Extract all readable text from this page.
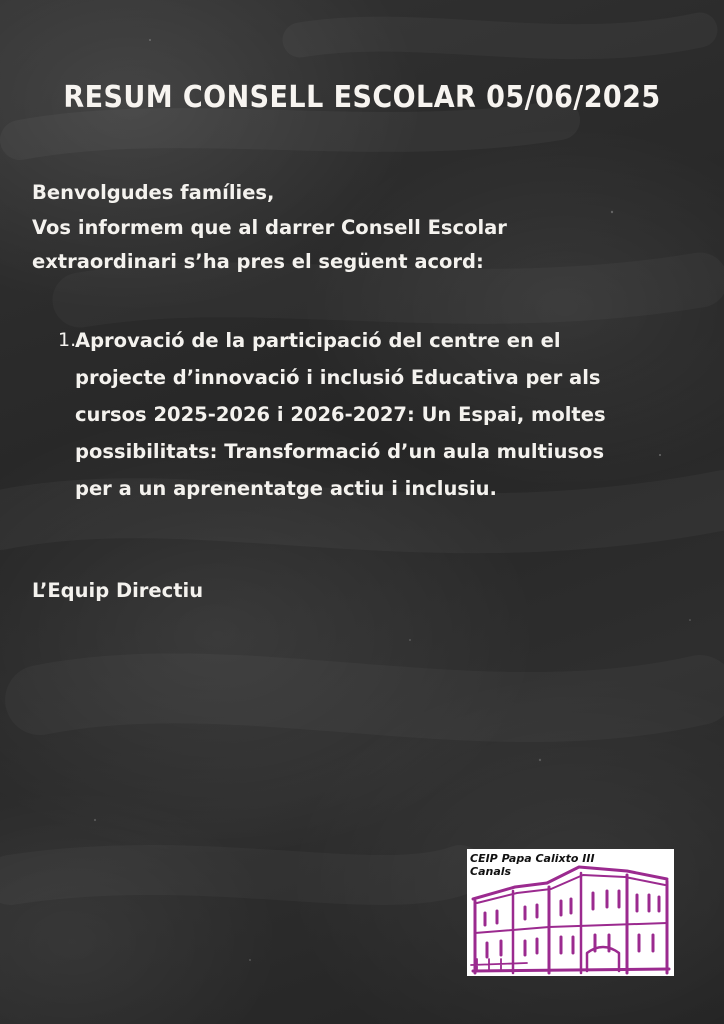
RESUM CONSELL ESCOLAR 05/06/2025
Benvolgudes famílies,
Vos informem que al darrer Consell Escolar
extraordinari s’ha pres el següent acord:
1.
Aprovació de la participació del centre en el
projecte d’innovació i inclusió Educativa per als
cursos 2025-2026 i 2026-2027: Un Espai, moltes
possibilitats: Transformació d’un aula multiusos
per a un aprenentatge actiu i inclusiu.
L’Equip Directiu
CEIP Papa Calixto III
Canals
